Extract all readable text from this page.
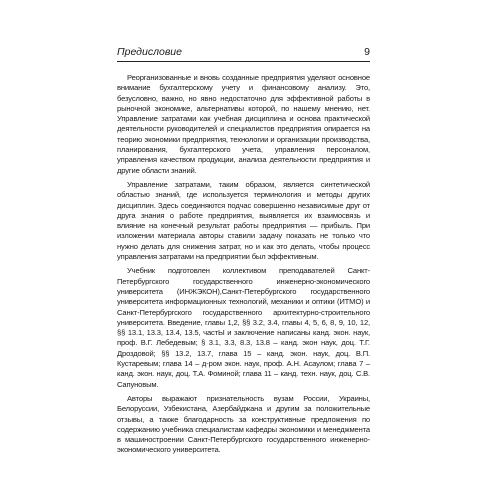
Предисловие	9

Реорганизованные и вновь созданные предприятия уделяют основное внимание бухгалтерскому учету и финансовому анализу. Это, безусловно, важно, но явно недостаточно для эффективной работы в рыночной экономике, альтернативы которой, по нашему мнению, нет. Управление затратами как учебная дисциплина и основа практической деятельности руководителей и специалистов предприятия опирается на теорию экономики предприятия, технологии и организации производства, планирования, бухгалтерского учета, управления персоналом, управления качеством продукции, анализа деятельности предприятия и другие области знаний.

Управление затратами, таким образом, является синтетической областью знаний, где используется терминология и методы других дисциплин. Здесь соединяются подчас совершенно независимые друг от друга знания о работе предприятия, выявляется их взаимосвязь и влияние на конечный результат работы предприятия — прибыль. При изложении материала авторы ставили задачу показать не только что нужно делать для снижения затрат, но и как это делать, чтобы процесс управления затратами на предприятии был эффективным.

Учебник подготовлен коллективом преподавателей Санкт-Петербургского государственного инженерно-экономического университета (ИНЖЭКОН),Санкт-Петербургского государственного университета информационных технологий, механики и оптики (ИТМО) и Санкт-Петербургского государственного архитектурно-строительного университета. Введение, главы 1,2, §§ 3.2, 3.4, главы 4, 5, 6, 8, 9, 10, 12, §§ 13.1, 13.3, 13.4, 13.5, частЫ и заключение написаны канд. экон. наук, проф. В.Г. Лебедевым; § 3.1, 3.3, 8.3, 13.8 – канд. экон наук, доц. Т.Г. Дроздовой; §§ 13.2, 13.7, глава 15 – канд. экон. наук, доц. В.П. Кустаревым; глава 14 – д-ром экон. наук, проф. А.Н. Асаулом; глава 7 – канд. экон. наук, доц. Т.А. Фоминой; глава 11 – канд. техн. наук, доц. С.В. Сапуновым.

Авторы выражают признательность вузам России, Украины, Белоруссии, Узбекистана, Азербайджана и другим за положительные отзывы, а также благодарность за конструктивные предложения по содержанию учебника специалистам кафедры экономики и менеджмента в машиностроении Санкт-Петербургского государственного инженерно-экономического университета.
